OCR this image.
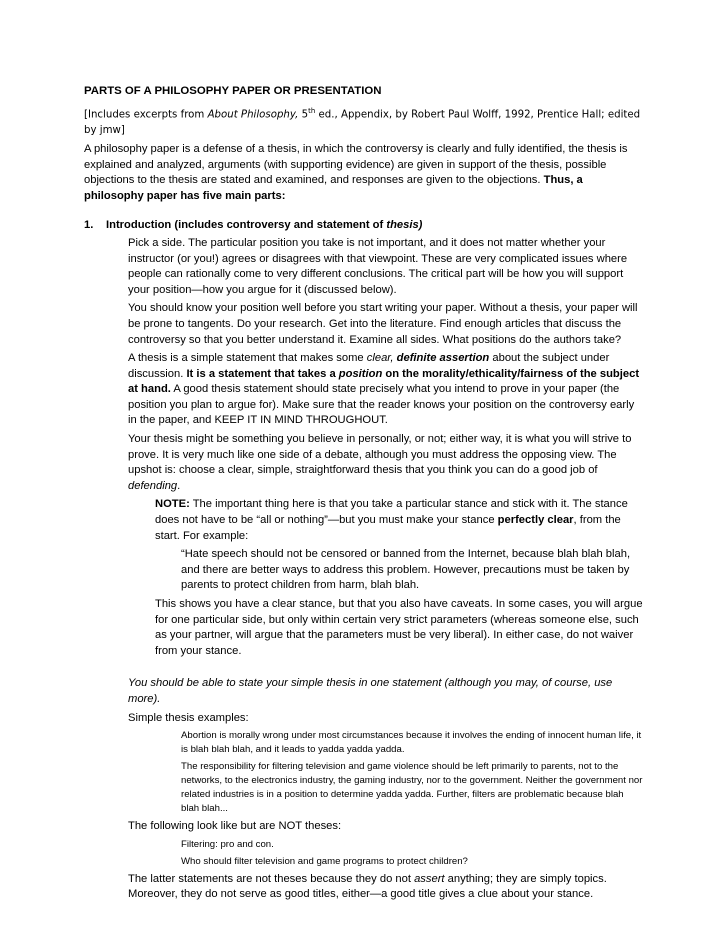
PARTS OF A PHILOSOPHY PAPER OR PRESENTATION
[Includes excerpts from About Philosophy, 5th ed., Appendix, by Robert Paul Wolff, 1992, Prentice Hall; edited by jmw]

A philosophy paper is a defense of a thesis, in which the controversy is clearly and fully identified, the thesis is explained and analyzed, arguments (with supporting evidence) are given in support of the thesis, possible objections to the thesis are stated and examined, and responses are given to the objections. Thus, a philosophy paper has five main parts:

1. Introduction (includes controversy and statement of thesis)

Pick a side. The particular position you take is not important, and it does not matter whether your instructor (or you!) agrees or disagrees with that viewpoint. These are very complicated issues where people can rationally come to very different conclusions. The critical part will be how you will support your position—how you argue for it (discussed below).

You should know your position well before you start writing your paper. Without a thesis, your paper will be prone to tangents. Do your research. Get into the literature. Find enough articles that discuss the controversy so that you better understand it. Examine all sides. What positions do the authors take?

A thesis is a simple statement that makes some clear, definite assertion about the subject under discussion. It is a statement that takes a position on the morality/ethicality/fairness of the subject at hand. A good thesis statement should state precisely what you intend to prove in your paper (the position you plan to argue for). Make sure that the reader knows your position on the controversy early in the paper, and KEEP IT IN MIND THROUGHOUT.

Your thesis might be something you believe in personally, or not; either way, it is what you will strive to prove. It is very much like one side of a debate, although you must address the opposing view. The upshot is: choose a clear, simple, straightforward thesis that you think you can do a good job of defending.

NOTE: The important thing here is that you take a particular stance and stick with it. The stance does not have to be “all or nothing”—but you must make your stance perfectly clear, from the start. For example:

“Hate speech should not be censored or banned from the Internet, because blah blah blah, and there are better ways to address this problem. However, precautions must be taken by parents to protect children from harm, blah blah.

This shows you have a clear stance, but that you also have caveats. In some cases, you will argue for one particular side, but only within certain very strict parameters (whereas someone else, such as your partner, will argue that the parameters must be very liberal). In either case, do not waiver from your stance.

You should be able to state your simple thesis in one statement (although you may, of course, use more).

Simple thesis examples:

Abortion is morally wrong under most circumstances because it involves the ending of innocent human life, it is blah blah blah, and it leads to yadda yadda yadda.

The responsibility for filtering television and game violence should be left primarily to parents, not to the networks, to the electronics industry, the gaming industry, nor to the government. Neither the government nor related industries is in a position to determine yadda yadda. Further, filters are problematic because blah blah blah...

The following look like but are NOT theses:

Filtering: pro and con.

Who should filter television and game programs to protect children?

The latter statements are not theses because they do not assert anything; they are simply topics. Moreover, they do not serve as good titles, either—a good title gives a clue about your stance.
